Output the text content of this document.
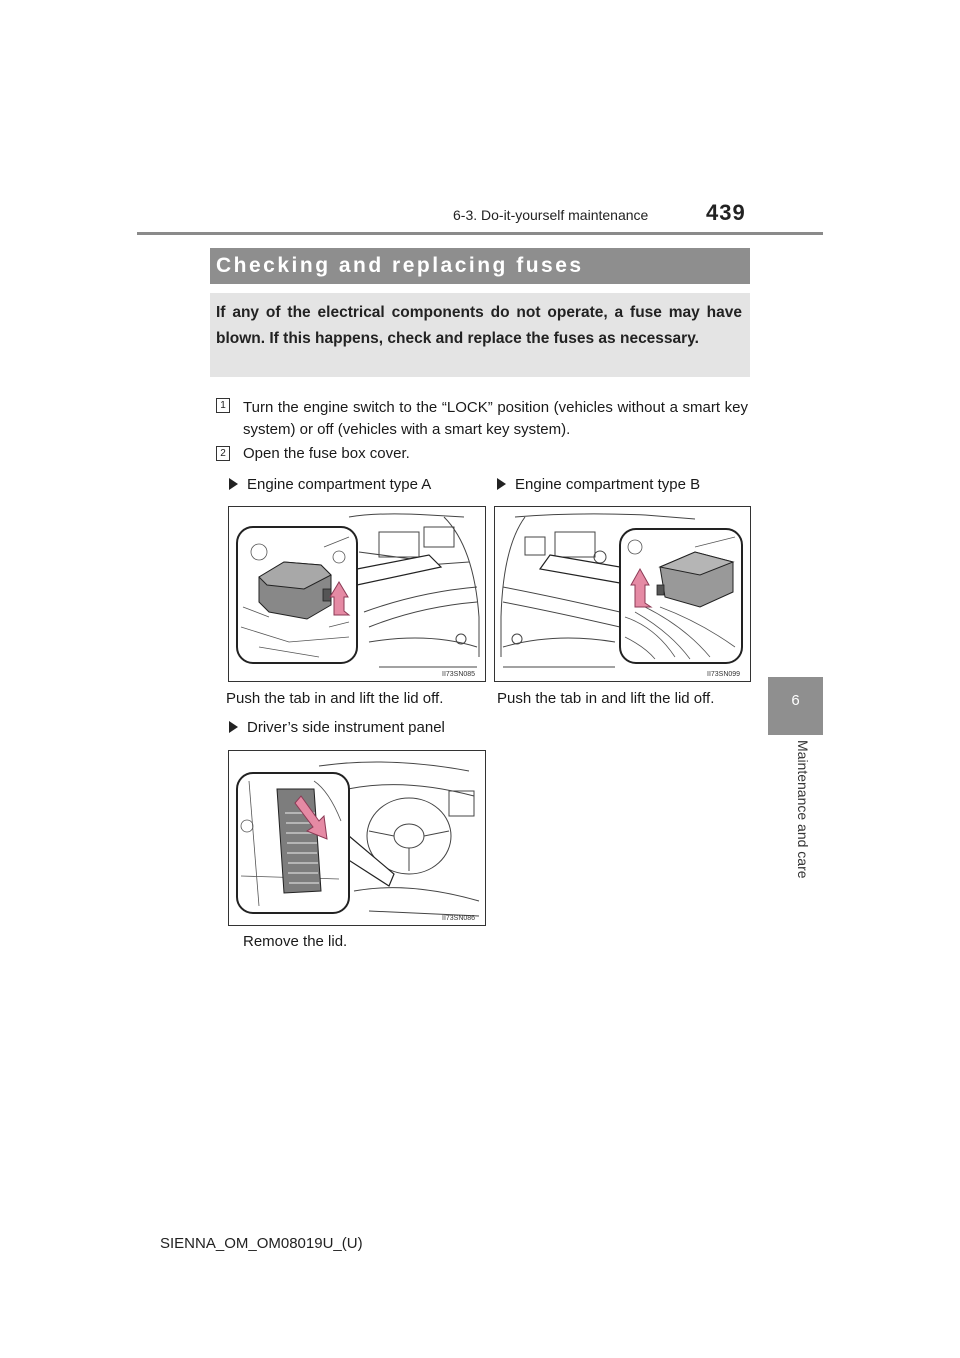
6-3. Do-it-yourself maintenance	439
6
Maintenance and care
Checking and replacing fuses
If any of the electrical components do not operate, a fuse may have blown. If this happens, check and replace the fuses as necessary.
1 Turn the engine switch to the “LOCK” position (vehicles without a smart key system) or off (vehicles with a smart key system).
2 Open the fuse box cover.
Engine compartment type A	Engine compartment type B
Driver’s side instrument panel
II73SN085	II73SN099
II73SN086
Push the tab in and lift the lid off.	Push the tab in and lift the lid off.
Remove the lid.
SIENNA_OM_OM08019U_(U)
